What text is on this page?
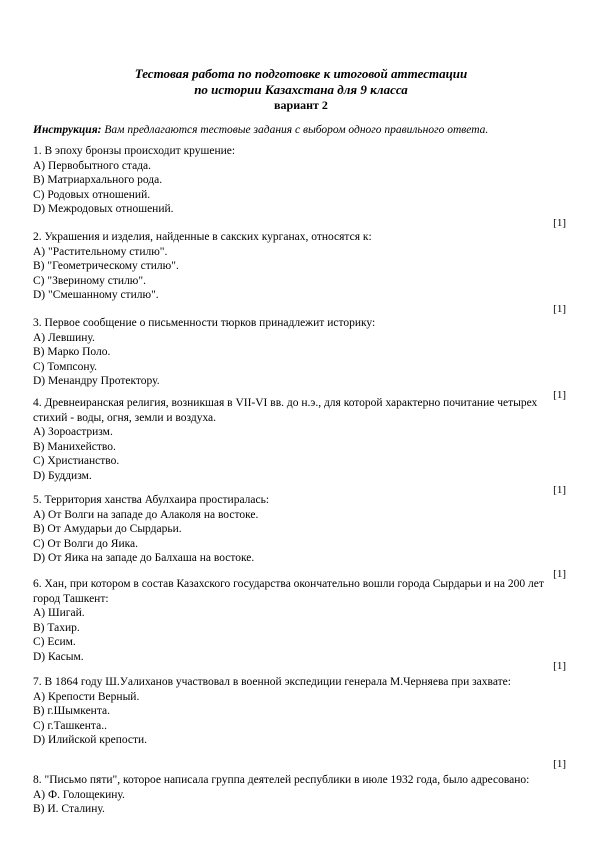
Тестовая работа по подготовке к итоговой аттестации
по истории Казахстана для 9 класса
вариант 2
Инструкция: Вам предлагаются тестовые задания с выбором одного правильного ответа.
1. В эпоху бронзы происходит крушение:
A) Первобытного стада.
B) Матриархального рода.
C) Родовых отношений.
D) Межродовых отношений.
[1]
2. Украшения и изделия, найденные в сакских курганах, относятся к:
A) "Растительному стилю".
B) "Геометрическому стилю".
C) "Звериному стилю".
D) "Смешанному стилю".
[1]
3. Первое сообщение о письменности тюрков принадлежит историку:
A) Левшину.
B) Марко Поло.
C) Томпсону.
D) Менандру Протектору.
[1]
4. Древнеиранская религия, возникшая в VII-VI вв. до н.э., для которой характерно почитание четырех стихий - воды, огня, земли и воздуха.
A) Зороастризм.
B) Манихейство.
C) Христианство.
D) Буддизм.
[1]
5. Территория ханства Абулхаира простиралась:
A) От Волги на западе до Алаколя на востоке.
B) От Амударьи до Сырдарьи.
C) От Волги до Яика.
D) От Яика на западе до Балхаша на востоке.
[1]
6. Хан, при котором в состав Казахского государства окончательно вошли города Сырдарьи и на 200 лет город Ташкент:
A) Шигай.
B) Тахир.
C) Есим.
D) Касым.
[1]
7. В 1864 году Ш.Уалиханов участвовал в военной экспедиции генерала М.Черняева при захвате:
A) Крепости Верный.
B) г.Шымкента.
C) г.Ташкента..
D) Илийской крепости.
[1]
8. "Письмо пяти", которое написала группа деятелей республики в июле 1932 года, было адресовано:
A) Ф. Голощекину.
B) И. Сталину.
